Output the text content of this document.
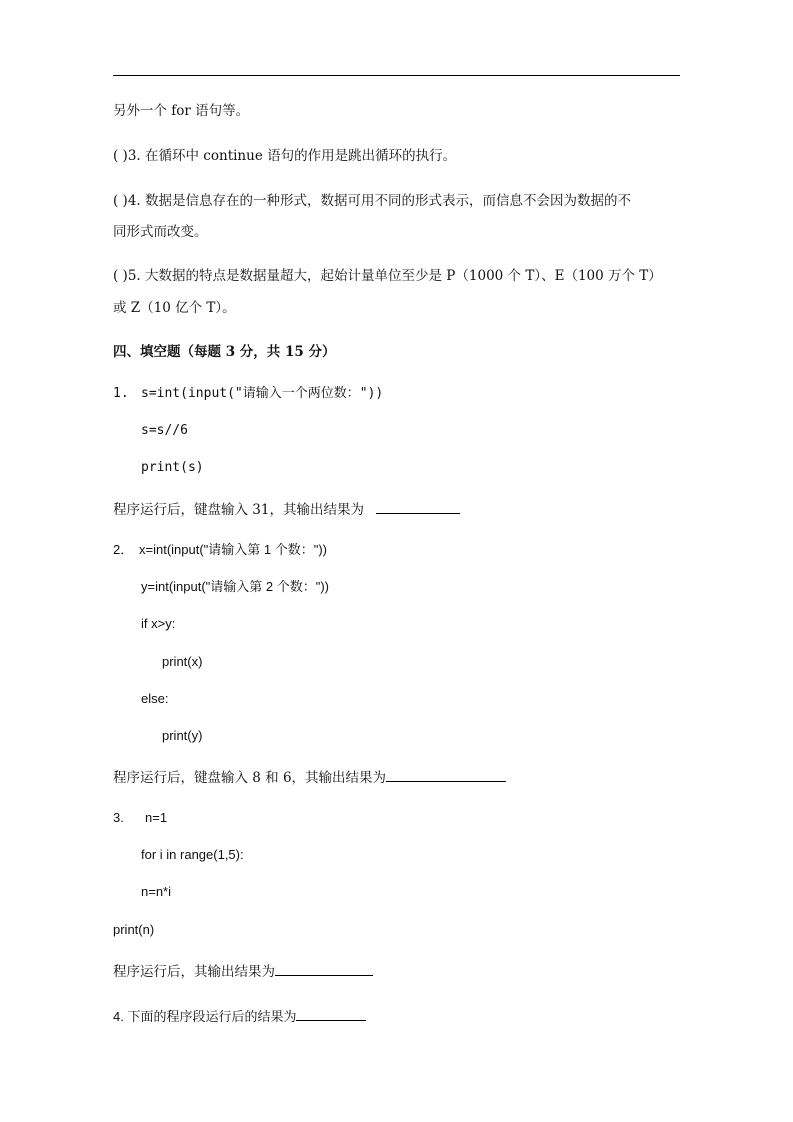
另外一个 for 语句等。
( )3. 在循环中 continue 语句的作用是跳出循环的执行。
( )4. 数据是信息存在的一种形式，数据可用不同的形式表示，而信息不会因为数据的不
同形式而改变。
( )5. 大数据的特点是数据量超大，起始计量单位至少是 P（1000 个 T）、E（100 万个 T）
或 Z（10 亿个 T）。
四、填空题（每题 3 分，共 15 分）
1. s=int(input("请输入一个两位数："))
s=s//6
print(s)
程序运行后，键盘输入 31，其输出结果为
2． x=int(input("请输入第 1 个数："))
y=int(input("请输入第 2 个数："))
if x>y:
print(x)
else:
print(y)
程序运行后，键盘输入 8 和 6，其输出结果为
3. n=1
for i in range(1,5):
n=n*i
print(n)
程序运行后，其输出结果为
4. 下面的程序段运行后的结果为
